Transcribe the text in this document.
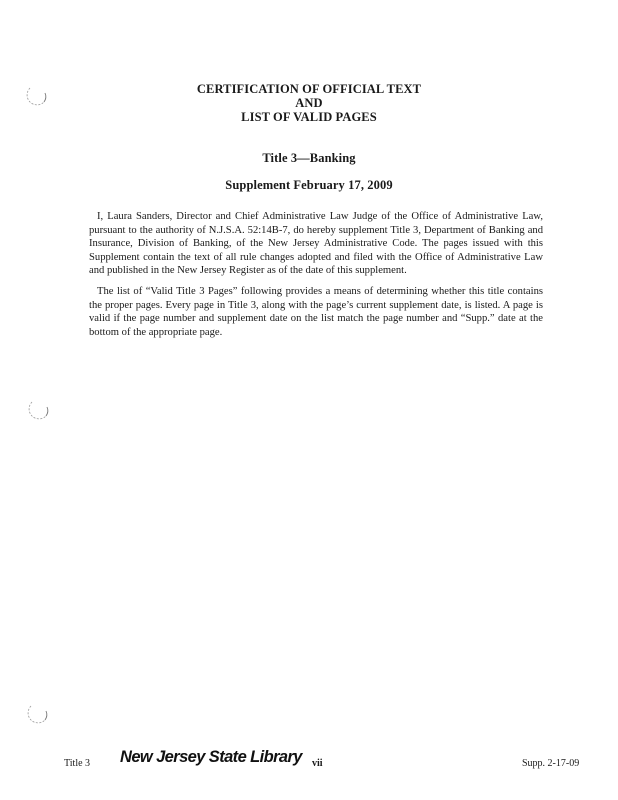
CERTIFICATION OF OFFICIAL TEXT
AND
LIST OF VALID PAGES
Title 3—Banking
Supplement February 17, 2009

I, Laura Sanders, Director and Chief Administrative Law Judge of the Office of Administrative Law, pursuant to the authority of N.J.S.A. 52:14B-7, do hereby supplement Title 3, Department of Banking and Insurance, Division of Banking, of the New Jersey Administrative Code. The pages issued with this Supplement contain the text of all rule changes adopted and filed with the Office of Administrative Law and published in the New Jersey Register as of the date of this supplement.

The list of “Valid Title 3 Pages” following provides a means of determining whether this title contains the proper pages. Every page in Title 3, along with the page’s current supplement date, is listed. A page is valid if the page number and supplement date on the list match the page number and “Supp.” date at the bottom of the appropriate page.

Title 3 New Jersey State Library vii	Supp. 2-17-09
